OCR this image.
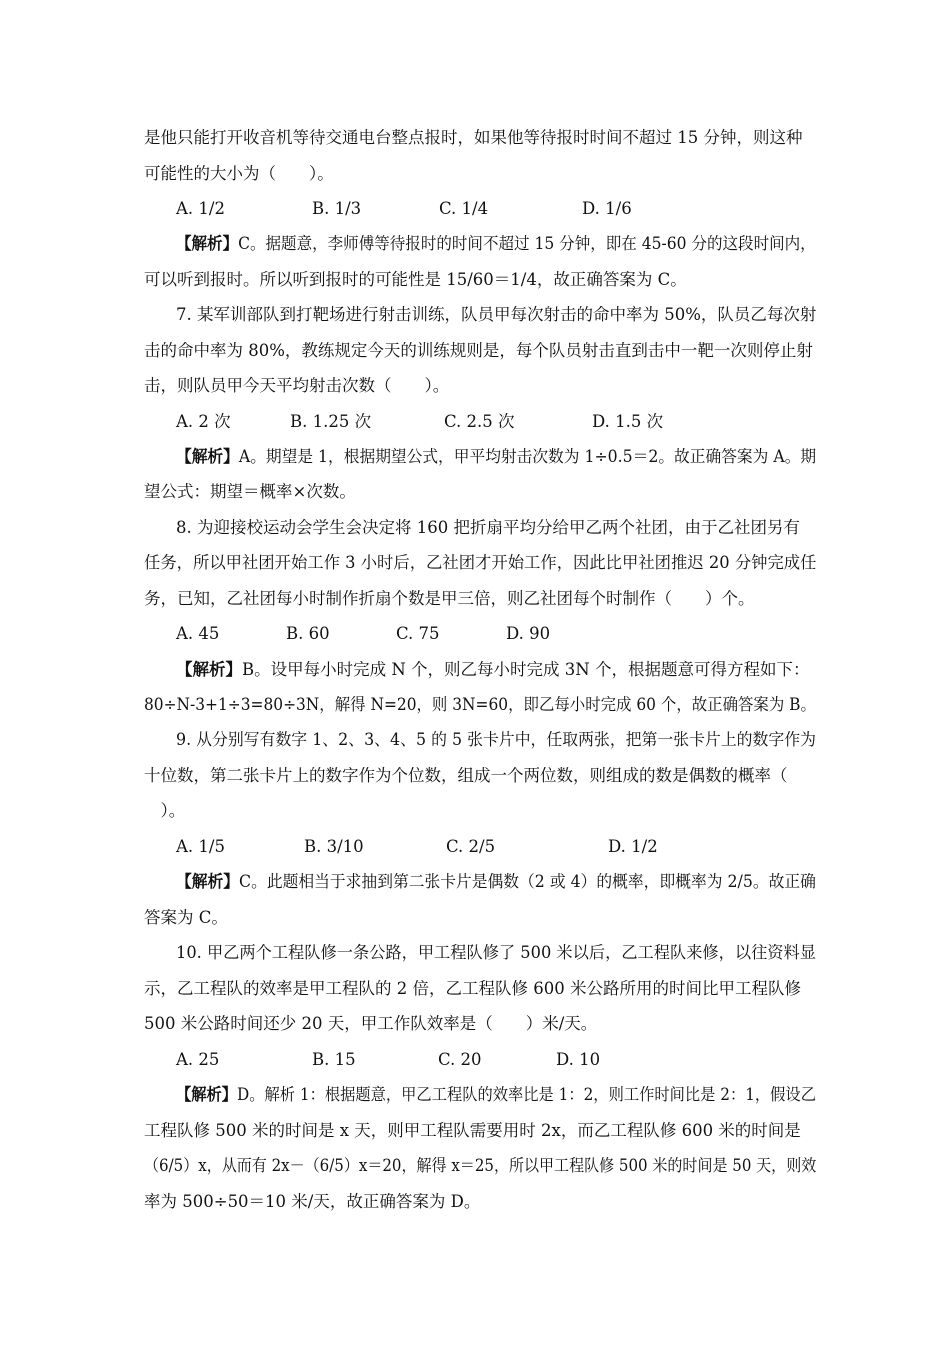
是他只能打开收音机等待交通电台整点报时，如果他等待报时时间不超过 15 分钟，则这种
可能性的大小为（　　）。
A. 1/2	B. 1/3	C. 1/4	D. 1/6
【解析】C。据题意，李师傅等待报时的时间不超过 15 分钟，即在 45-60 分的这段时间内，
可以听到报时。所以听到报时的可能性是 15/60＝1/4，故正确答案为 C。
7. 某军训部队到打靶场进行射击训练，队员甲每次射击的命中率为 50%，队员乙每次射
击的命中率为 80%，教练规定今天的训练规则是，每个队员射击直到击中一靶一次则停止射
击，则队员甲今天平均射击次数（　　）。
A. 2 次	B. 1.25 次	C. 2.5 次	D. 1.5 次
【解析】A。期望是 1，根据期望公式，甲平均射击次数为 1÷0.5＝2。故正确答案为 A。期
望公式：期望＝概率×次数。
8. 为迎接校运动会学生会决定将 160 把折扇平均分给甲乙两个社团，由于乙社团另有
任务，所以甲社团开始工作 3 小时后，乙社团才开始工作，因此比甲社团推迟 20 分钟完成任
务，已知，乙社团每小时制作折扇个数是甲三倍，则乙社团每个时制作（　　）个。
A. 45	B. 60	C. 75	D. 90
【解析】B。设甲每小时完成 N 个，则乙每小时完成 3N 个，根据题意可得方程如下：
80÷N-3+1÷3=80÷3N，解得 N=20，则 3N=60，即乙每小时完成 60 个，故正确答案为 B。
9. 从分别写有数字 1、2、3、4、5 的 5 张卡片中，任取两张，把第一张卡片上的数字作为
十位数，第二张卡片上的数字作为个位数，组成一个两位数，则组成的数是偶数的概率（
　）。
A. 1/5	B. 3/10	C. 2/5	D. 1/2
【解析】C。此题相当于求抽到第二张卡片是偶数（2 或 4）的概率，即概率为 2/5。故正确
答案为 C。
10. 甲乙两个工程队修一条公路，甲工程队修了 500 米以后，乙工程队来修，以往资料显
示，乙工程队的效率是甲工程队的 2 倍，乙工程队修 600 米公路所用的时间比甲工程队修
500 米公路时间还少 20 天，甲工作队效率是（　　）米/天。
A. 25	B. 15	C. 20	D. 10
【解析】D。解析 1：根据题意，甲乙工程队的效率比是 1：2，则工作时间比是 2：1，假设乙
工程队修 500 米的时间是 x 天，则甲工程队需要用时 2x，而乙工程队修 600 米的时间是
（6/5）x，从而有 2x－（6/5）x＝20，解得 x＝25，所以甲工程队修 500 米的时间是 50 天，则效
率为 500÷50＝10 米/天，故正确答案为 D。
